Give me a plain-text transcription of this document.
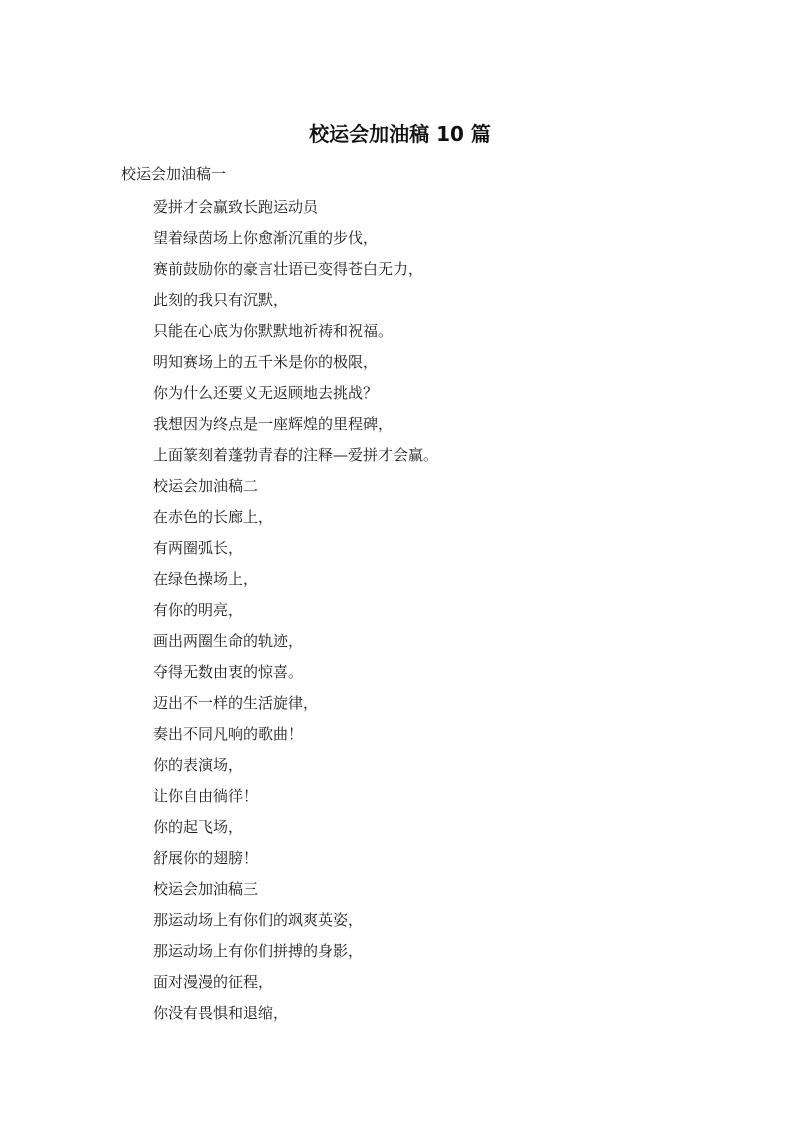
校运会加油稿 10 篇
校运会加油稿一
爱拼才会赢致长跑运动员
望着绿茵场上你愈渐沉重的步伐，
赛前鼓励你的豪言壮语已变得苍白无力，
此刻的我只有沉默，
只能在心底为你默默地祈祷和祝福。
明知赛场上的五千米是你的极限，
你为什么还要义无返顾地去挑战？
我想因为终点是一座辉煌的里程碑，
上面篆刻着蓬勃青春的注释—爱拼才会赢。
校运会加油稿二
在赤色的长廊上，
有两圈弧长，
在绿色操场上，
有你的明亮，
画出两圈生命的轨迹，
夺得无数由衷的惊喜。
迈出不一样的生活旋律，
奏出不同凡响的歌曲！
你的表演场，
让你自由徜徉！
你的起飞场，
舒展你的翅膀！
校运会加油稿三
那运动场上有你们的飒爽英姿，
那运动场上有你们拼搏的身影，
面对漫漫的征程，
你没有畏惧和退缩，
